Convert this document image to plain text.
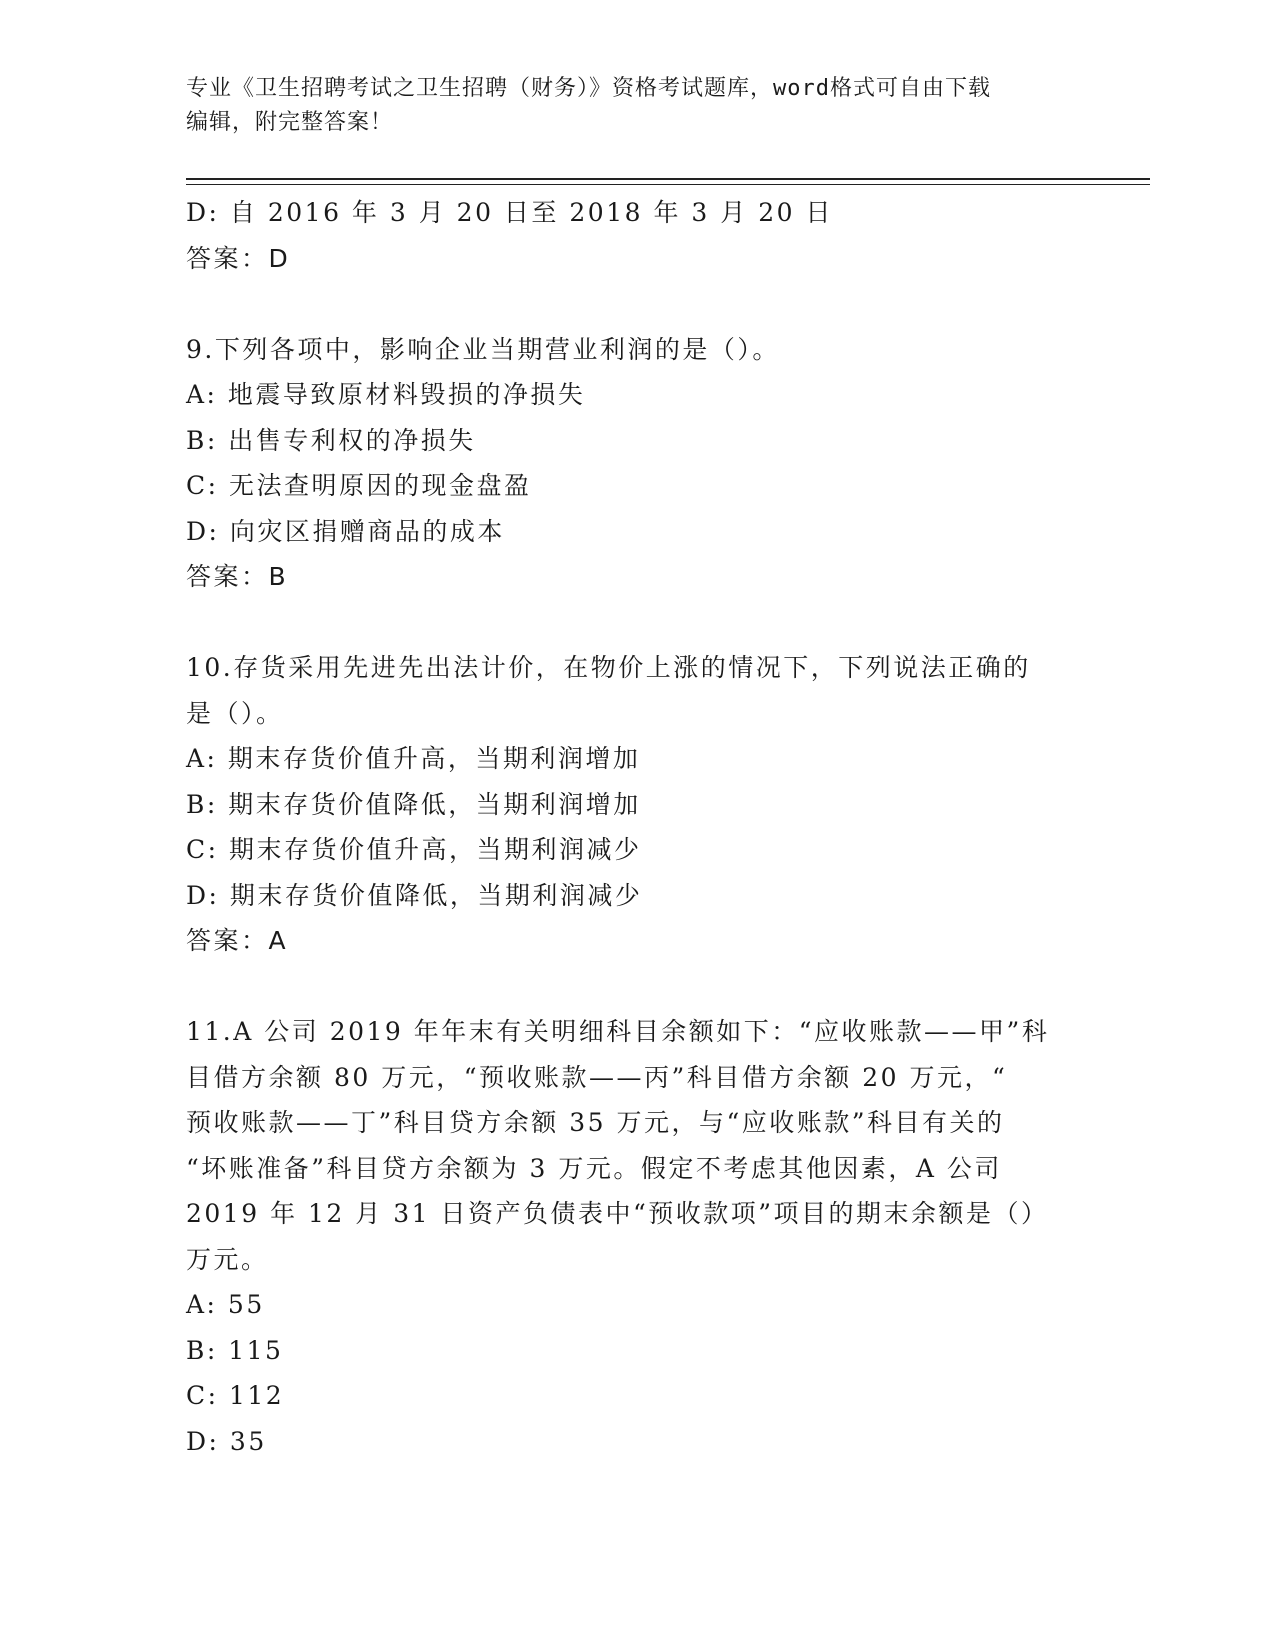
专业《卫生招聘考试之卫生招聘（财务）》资格考试题库，word格式可自由下载
编辑，附完整答案！
D: 自 2016 年 3 月 20 日至 2018 年 3 月 20 日
答案：D
9.下列各项中，影响企业当期营业利润的是（）。
A: 地震导致原材料毁损的净损失
B: 出售专利权的净损失
C: 无法查明原因的现金盘盈
D: 向灾区捐赠商品的成本
答案：B
10.存货采用先进先出法计价，在物价上涨的情况下，下列说法正确的
是（）。
A: 期末存货价值升高，当期利润增加
B: 期末存货价值降低，当期利润增加
C: 期末存货价值升高，当期利润减少
D: 期末存货价值降低，当期利润减少
答案：A
11.A 公司 2019 年年末有关明细科目余额如下：“应收账款——甲”科
目借方余额 80 万元，“预收账款——丙”科目借方余额 20 万元，“
预收账款——丁”科目贷方余额 35 万元，与“应收账款”科目有关的
“坏账准备”科目贷方余额为 3 万元。假定不考虑其他因素，A 公司
2019 年 12 月 31 日资产负债表中“预收款项”项目的期末余额是（）
万元。
A: 55
B: 115
C: 112
D: 35
